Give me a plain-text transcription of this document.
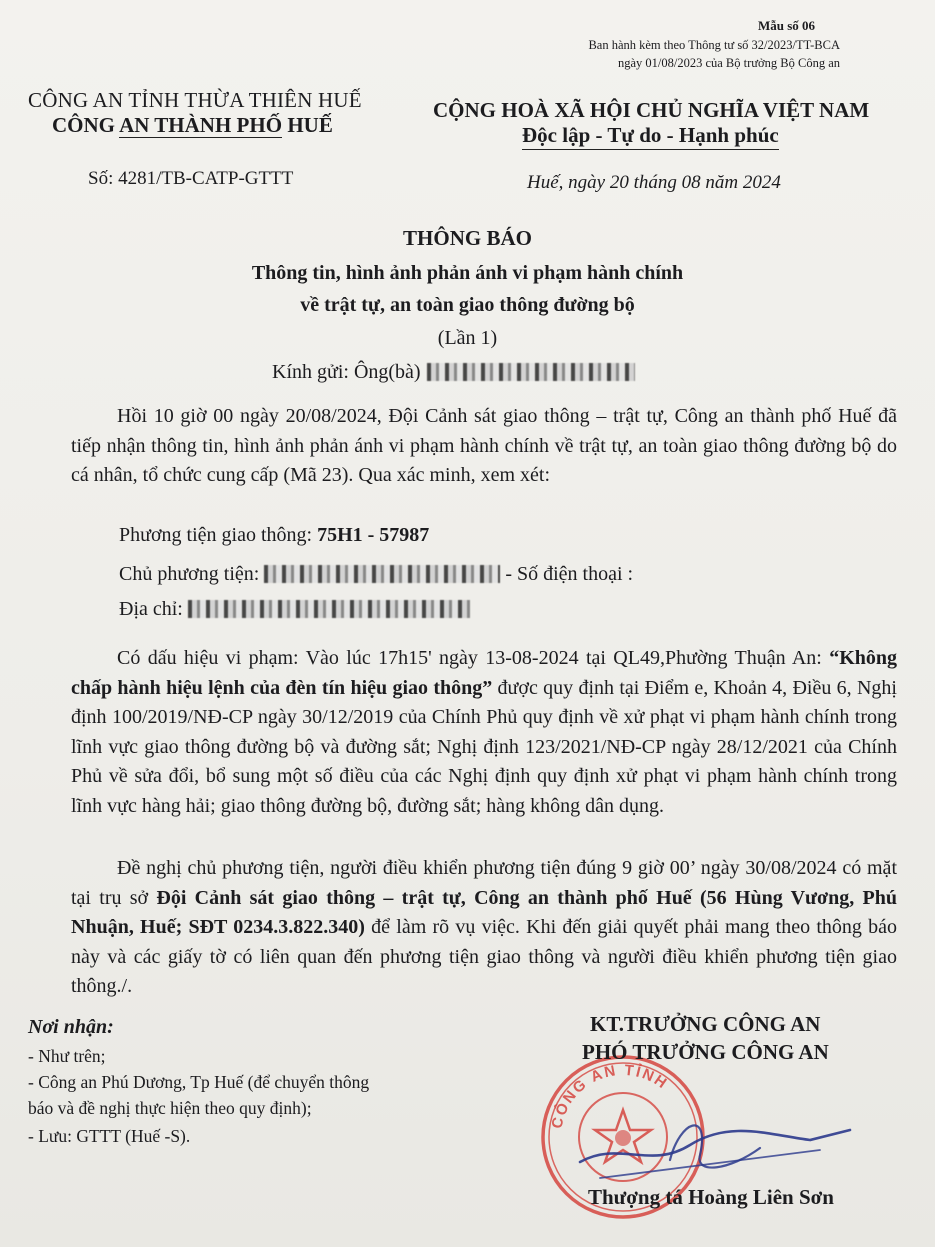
Mẫu số 06
Ban hành kèm theo Thông tư số 32/2023/TT-BCA
ngày 01/08/2023 của Bộ trưởng Bộ Công an
CÔNG AN TỈNH THỪA THIÊN HUẾ
CÔNG AN THÀNH PHỐ HUẾ
Số: 4281/TB-CATP-GTTT
CỘNG HOÀ XÃ HỘI CHỦ NGHĨA VIỆT NAM
Độc lập - Tự do - Hạnh phúc
Huế, ngày 20 tháng 08 năm 2024
THÔNG BÁO
Thông tin, hình ảnh phản ánh vi phạm hành chính
về trật tự, an toàn giao thông đường bộ
(Lần 1)
Kính gửi: Ông(bà)
Hồi 10 giờ 00 ngày 20/08/2024, Đội Cảnh sát giao thông – trật tự, Công an thành phố Huế đã tiếp nhận thông tin, hình ảnh phản ánh vi phạm hành chính về trật tự, an toàn giao thông đường bộ do cá nhân, tổ chức cung cấp (Mã 23). Qua xác minh, xem xét:
Phương tiện giao thông: 75H1 - 57987
Chủ phương tiện:	- Số điện thoại :
Địa chỉ:
Có dấu hiệu vi phạm: Vào lúc 17h15' ngày 13-08-2024 tại QL49,Phường Thuận An: “Không chấp hành hiệu lệnh của đèn tín hiệu giao thông” được quy định tại Điểm e, Khoản 4, Điều 6, Nghị định 100/2019/NĐ-CP ngày 30/12/2019 của Chính Phủ quy định về xử phạt vi phạm hành chính trong lĩnh vực giao thông đường bộ và đường sắt; Nghị định 123/2021/NĐ-CP ngày 28/12/2021 của Chính Phủ về sửa đổi, bổ sung một số điều của các Nghị định quy định xử phạt vi phạm hành chính trong lĩnh vực hàng hải; giao thông đường bộ, đường sắt; hàng không dân dụng.
Đề nghị chủ phương tiện, người điều khiển phương tiện đúng 9 giờ 00’ ngày 30/08/2024 có mặt tại trụ sở Đội Cảnh sát giao thông – trật tự, Công an thành phố Huế (56 Hùng Vương, Phú Nhuận, Huế; SĐT 0234.3.822.340) để làm rõ vụ việc. Khi đến giải quyết phải mang theo thông báo này và các giấy tờ có liên quan đến phương tiện giao thông và người điều khiển phương tiện giao thông./.
Nơi nhận:
- Như trên;
- Công an Phú Dương, Tp Huế (để chuyển thông
báo và đề nghị thực hiện theo quy định);
- Lưu: GTTT (Huế -S).
CÔNG AN TỈNH
KT.TRƯỞNG CÔNG AN
PHÓ TRƯỞNG CÔNG AN
Thượng tá Hoàng Liên Sơn
